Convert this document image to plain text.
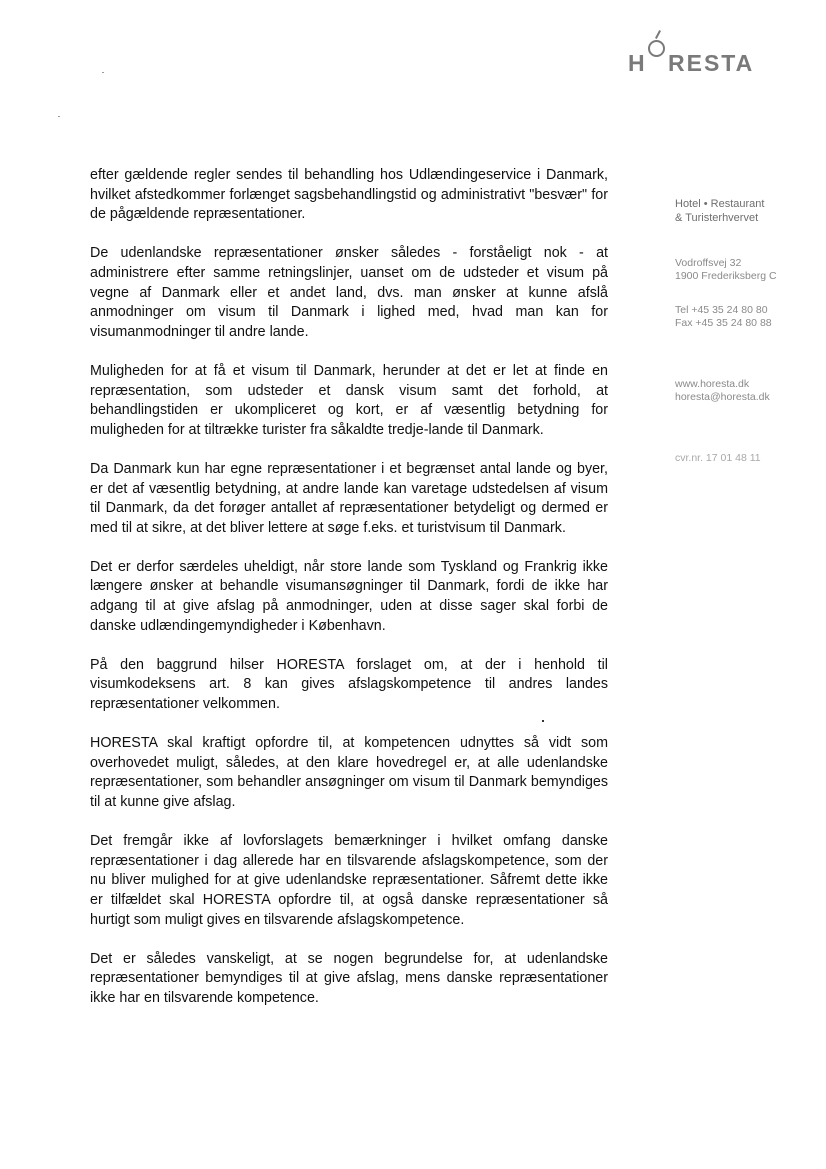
H RESTA
Hotel • Restaurant
& Turisterhvervet
Vodroffsvej 32
1900 Frederiksberg C
Tel +45 35 24 80 80
Fax +45 35 24 80 88
www.horesta.dk
horesta@horesta.dk
cvr.nr. 17 01 48 11

efter gældende regler sendes til behandling hos Udlændingeservice i Danmark, hvilket afstedkommer forlænget sagsbehandlingstid og administrativt "besvær" for de pågældende repræsentationer.

De udenlandske repræsentationer ønsker således - forståeligt nok - at administrere efter samme retningslinjer, uanset om de udsteder et visum på vegne af Danmark eller et andet land, dvs. man ønsker at kunne afslå anmodninger om visum til Danmark i lighed med, hvad man kan for visumanmodninger til andre lande.

Muligheden for at få et visum til Danmark, herunder at det er let at finde en repræsentation, som udsteder et dansk visum samt det forhold, at behandlingstiden er ukompliceret og kort, er af væsentlig betydning for muligheden for at tiltrække turister fra såkaldte tredje-lande til Danmark.

Da Danmark kun har egne repræsentationer i et begrænset antal lande og byer, er det af væsentlig betydning, at andre lande kan varetage udstedelsen af visum til Danmark, da det forøger antallet af repræsentationer betydeligt og dermed er med til at sikre, at det bliver lettere at søge f.eks. et turistvisum til Danmark.

Det er derfor særdeles uheldigt, når store lande som Tyskland og Frankrig ikke længere ønsker at behandle visumansøgninger til Danmark, fordi de ikke har adgang til at give afslag på anmodninger, uden at disse sager skal forbi de danske udlændingemyndigheder i København.

På den baggrund hilser HORESTA forslaget om, at der i henhold til visumkodeksens art. 8 kan gives afslagskompetence til andres landes repræsentationer velkommen.

HORESTA skal kraftigt opfordre til, at kompetencen udnyttes så vidt som overhovedet muligt, således, at den klare hovedregel er, at alle udenlandske repræsentationer, som behandler ansøgninger om visum til Danmark bemyndiges til at kunne give afslag.

Det fremgår ikke af lovforslagets bemærkninger i hvilket omfang danske repræsentationer i dag allerede har en tilsvarende afslagskompetence, som der nu bliver mulighed for at give udenlandske repræsentationer. Såfremt dette ikke er tilfældet skal HORESTA opfordre til, at også danske repræsentationer så hurtigt som muligt gives en tilsvarende afslagskompetence.

Det er således vanskeligt, at se nogen begrundelse for, at udenlandske repræsentationer bemyndiges til at give afslag, mens danske repræsentationer ikke har en tilsvarende kompetence.
